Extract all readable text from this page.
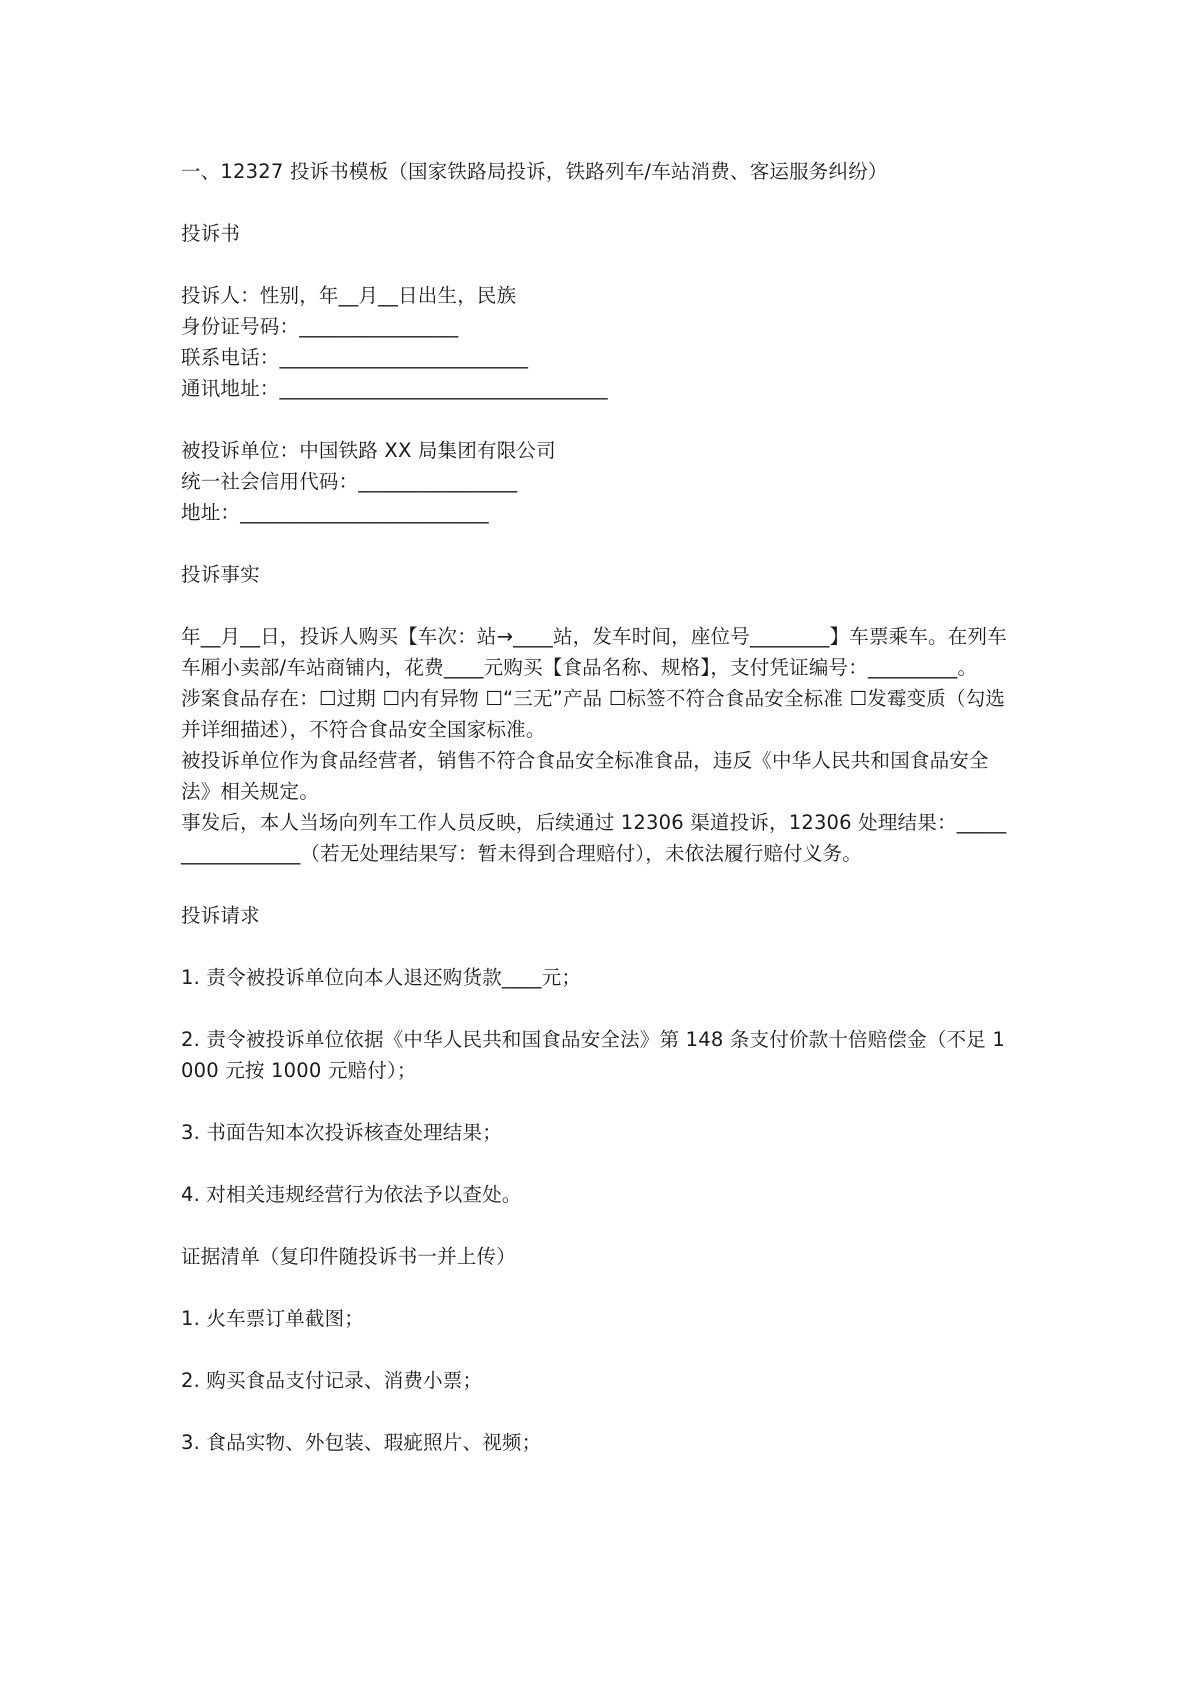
一、12327 投诉书模板（国家铁路局投诉，铁路列车/车站消费、客运服务纠纷）

投诉书

投诉人：性别，年__月__日出生，民族

身份证号码：________________

联系电话：_________________________

通讯地址：_________________________________

被投诉单位：中国铁路 XX 局集团有限公司

统一社会信用代码：________________

地址：_________________________

投诉事实

年__月__日，投诉人购买【车次：站→____站，发车时间，座位号________】车票乘车。在列车车厢小卖部/车站商铺内，花费____元购买【食品名称、规格】，支付凭证编号：_________。

涉案食品存在：☐过期 ☐内有异物 ☐“三无”产品 ☐标签不符合食品安全标准 ☐发霉变质（勾选并详细描述），不符合食品安全国家标准。

被投诉单位作为食品经营者，销售不符合食品安全标准食品，违反《中华人民共和国食品安全法》相关规定。

事发后，本人当场向列车工作人员反映，后续通过 12306 渠道投诉，12306 处理结果：_________________（若无处理结果写：暂未得到合理赔付），未依法履行赔付义务。

投诉请求

1. 责令被投诉单位向本人退还购货款____元；

2. 责令被投诉单位依据《中华人民共和国食品安全法》第 148 条支付价款十倍赔偿金（不足 1000 元按 1000 元赔付）；

3. 书面告知本次投诉核查处理结果；

4. 对相关违规经营行为依法予以查处。

证据清单（复印件随投诉书一并上传）

1. 火车票订单截图；

2. 购买食品支付记录、消费小票；

3. 食品实物、外包装、瑕疵照片、视频；
